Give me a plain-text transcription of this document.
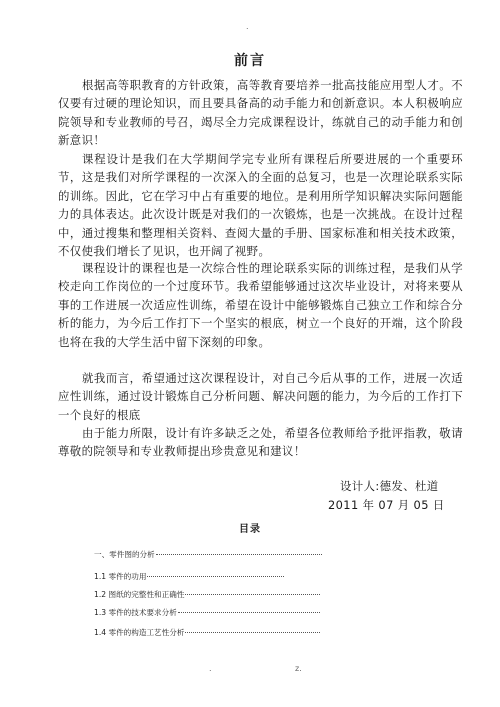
.
前言

根据高等职教育的方针政策，高等教育要培养一批高技能应用型人才。不仅要有过硬的理论知识，而且要具备高的动手能力和创新意识。本人积极响应院领导和专业教师的号召，竭尽全力完成课程设计，练就自己的动手能力和创新意识！

课程设计是我们在大学期间学完专业所有课程后所要进展的一个重要环节，这是我们对所学课程的一次深入的全面的总复习，也是一次理论联系实际的训练。因此，它在学习中占有重要的地位。是利用所学知识解决实际问题能力的具体表达。此次设计既是对我们的一次锻炼，也是一次挑战。在设计过程中，通过搜集和整理相关资料、查阅大量的手册、国家标准和相关技术政策，不仅使我们增长了见识，也开阔了视野。

课程设计的课程也是一次综合性的理论联系实际的训练过程，是我们从学校走向工作岗位的一个过度环节。我希望能够通过这次毕业设计，对将来要从事的工作进展一次适应性训练，希望在设计中能够锻炼自己独立工作和综合分析的能力，为今后工作打下一个坚实的根底，树立一个良好的开端，这个阶段也将在我的大学生活中留下深刻的印象。

就我而言，希望通过这次课程设计，对自己今后从事的工作，进展一次适应性训练，通过设计锻炼自己分析问题、解决问题的能力，为今后的工作打下一个良好的根底

由于能力所限，设计有许多缺乏之处，希望各位教师给予批评指教，敬请尊敬的院领导和专业教师提出珍贵意见和建议！

设计人:德发、杜道
2011 年 07 月 05 日
目录
一、零件图的分析
1.1 零件的功用
1.2 图纸的完整性和正确性
1.3 零件的技术要求分析
1.4 零件的构造工艺性分析
.	z.
